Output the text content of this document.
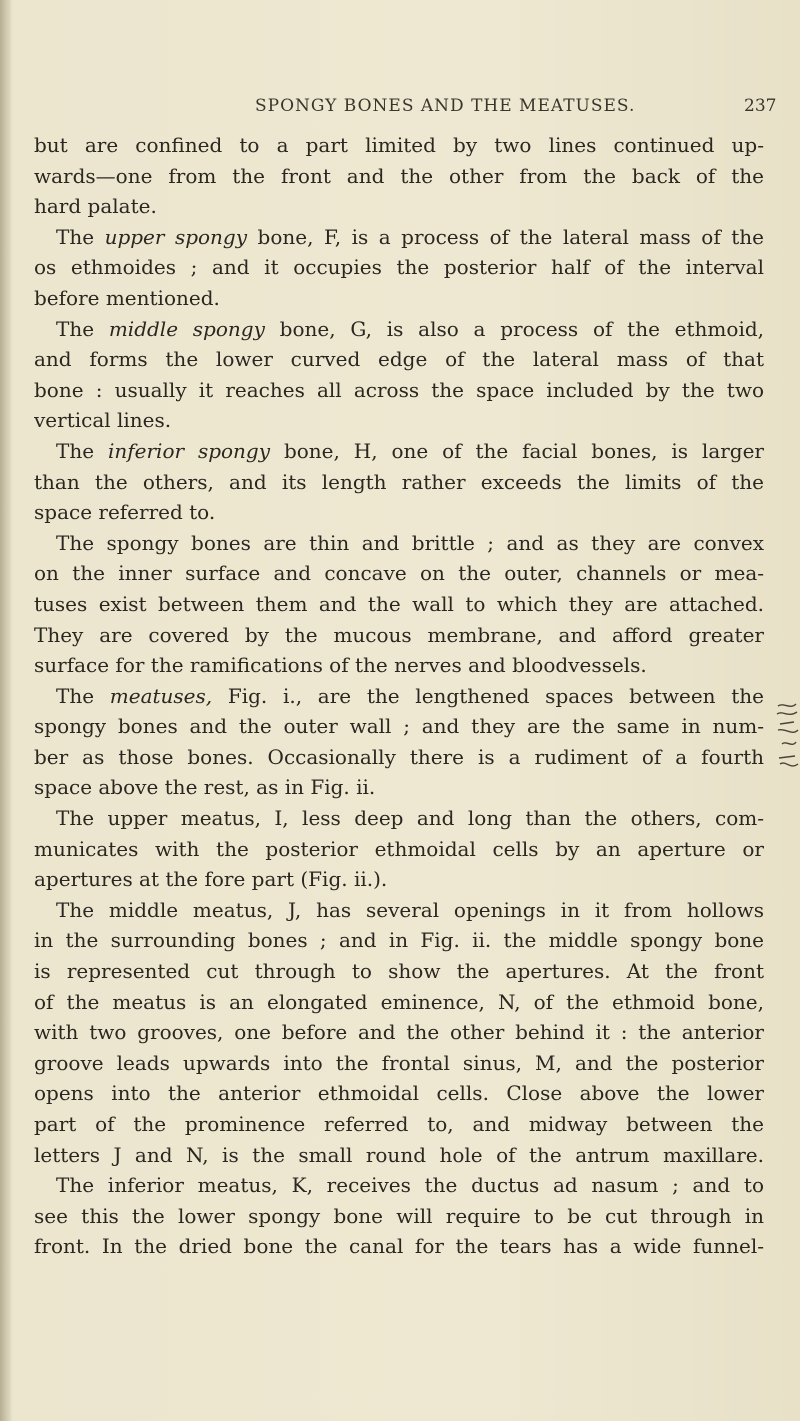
SPONGY BONES AND THE MEATUSES.	237
but are confined to a part limited by two lines continued up-
wards—one from the front and the other from the back of the
hard palate.
The upper spongy bone, F, is a process of the lateral mass of the
os ethmoides ; and it occupies the posterior half of the interval
before mentioned.
The middle spongy bone, G, is also a process of the ethmoid,
and forms the lower curved edge of the lateral mass of that
bone : usually it reaches all across the space included by the two
vertical lines.
The inferior spongy bone, H, one of the facial bones, is larger
than the others, and its length rather exceeds the limits of the
space referred to.
The spongy bones are thin and brittle ; and as they are convex
on the inner surface and concave on the outer, channels or mea-
tuses exist between them and the wall to which they are attached.
They are covered by the mucous membrane, and afford greater
surface for the ramifications of the nerves and bloodvessels.
The meatuses, Fig. i., are the lengthened spaces between the
spongy bones and the outer wall ; and they are the same in num-
ber as those bones. Occasionally there is a rudiment of a fourth
space above the rest, as in Fig. ii.
The upper meatus, I, less deep and long than the others, com-
municates with the posterior ethmoidal cells by an aperture or
apertures at the fore part (Fig. ii.).
The middle meatus, J, has several openings in it from hollows
in the surrounding bones ; and in Fig. ii. the middle spongy bone
is represented cut through to show the apertures. At the front
of the meatus is an elongated eminence, N, of the ethmoid bone,
with two grooves, one before and the other behind it : the anterior
groove leads upwards into the frontal sinus, M, and the posterior
opens into the anterior ethmoidal cells. Close above the lower
part of the prominence referred to, and midway between the
letters J and N, is the small round hole of the antrum maxillare.
The inferior meatus, K, receives the ductus ad nasum ; and to
see this the lower spongy bone will require to be cut through in
front. In the dried bone the canal for the tears has a wide funnel-
